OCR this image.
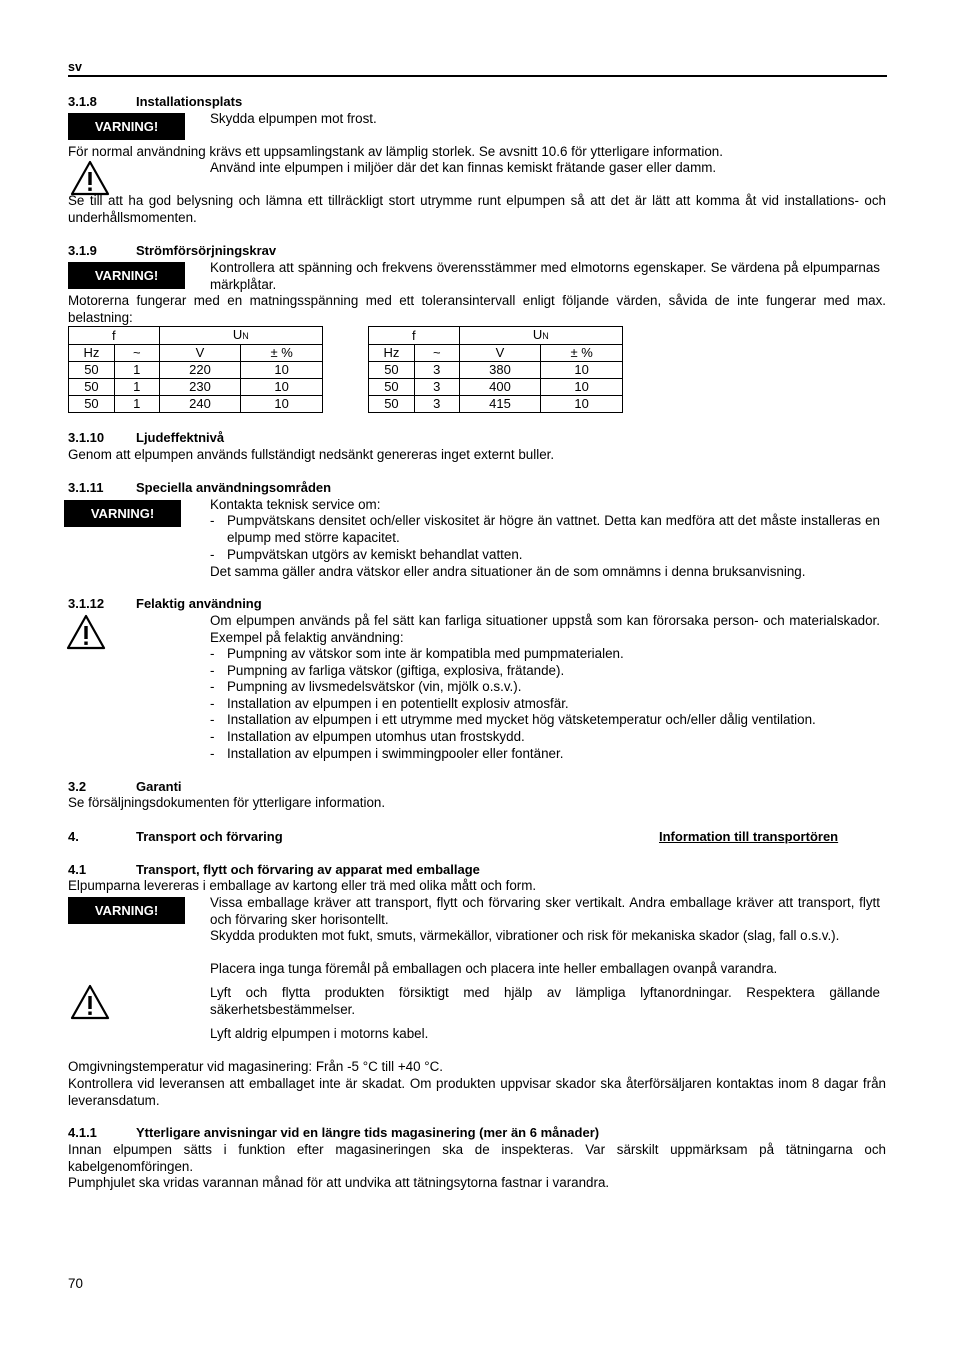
sv
3.1.8	Installationsplats
VARNING!
Skydda elpumpen mot frost.
För normal användning krävs ett uppsamlingstank av lämplig storlek. Se avsnitt 10.6 för ytterligare information.
Använd inte elpumpen i miljöer där det kan finnas kemiskt frätande gaser eller damm.
Se till att ha god belysning och lämna ett tillräckligt stort utrymme runt elpumpen så att det är lätt att komma åt vid installations- och underhållsmomenten.
3.1.9	Strömförsörjningskrav
VARNING!
Kontrollera att spänning och frekvens överensstämmer med elmotorns egenskaper. Se värdena på elpumparnas märkplåtar.
Motorerna fungerar med en matningsspänning med ett toleransintervall enligt följande värden, såvida de inte fungerar med max. belastning:
f		UN	
Hz	~	V	± %
50	1	220	10
50	1	230	10
50	1	240	10
f		UN	
Hz	~	V	± %
50	3	380	10
50	3	400	10
50	3	415	10
3.1.10 Ljudeffektnivå
Genom att elpumpen används fullständigt nedsänkt genereras inget externt buller.
3.1.11	Speciella användningsområden
VARNING!
Kontakta teknisk service om:
- Pumpvätskans densitet och/eller viskositet är högre än vattnet. Detta kan medföra att det måste installeras en elpump med större kapacitet.
- Pumpvätskan utgörs av kemiskt behandlat vatten.
Det samma gäller andra vätskor eller andra situationer än de som omnämns i denna bruksanvisning.
3.1.12 Felaktig användning
Om elpumpen används på fel sätt kan farliga situationer uppstå som kan förorsaka person- och materialskador. Exempel på felaktig användning:
- Pumpning av vätskor som inte är kompatibla med pumpmaterialen.
- Pumpning av farliga vätskor (giftiga, explosiva, frätande).
- Pumpning av livsmedelsvätskor (vin, mjölk o.s.v.).
- Installation av elpumpen i en potentiellt explosiv atmosfär.
- Installation av elpumpen i ett utrymme med mycket hög vätsketemperatur och/eller dålig ventilation.
- Installation av elpumpen utomhus utan frostskydd.
- Installation av elpumpen i swimmingpooler eller fontäner.
3.2	Garanti
Se försäljningsdokumenten för ytterligare information.
4.	Transport och förvaring	Information till transportören
4.1	Transport, flytt och förvaring av apparat med emballage
Elpumparna levereras i emballage av kartong eller trä med olika mått och form.
VARNING!
Vissa emballage kräver att transport, flytt och förvaring sker vertikalt. Andra emballage kräver att transport, flytt och förvaring sker horisontellt.
Skydda produkten mot fukt, smuts, värmekällor, vibrationer och risk för mekaniska skador (slag, fall o.s.v.).
Placera inga tunga föremål på emballagen och placera inte heller emballagen ovanpå varandra.
Lyft och flytta produkten försiktigt med hjälp av lämpliga lyftanordningar. Respektera gällande säkerhetsbestämmelser.
Lyft aldrig elpumpen i motorns kabel.
Omgivningstemperatur vid magasinering: Från -5 °C till +40 °C.
Kontrollera vid leveransen att emballaget inte är skadat. Om produkten uppvisar skador ska återförsäljaren kontaktas inom 8 dagar från leveransdatum.
4.1.1	Ytterligare anvisningar vid en längre tids magasinering (mer än 6 månader)
Innan elpumpen sätts i funktion efter magasineringen ska de inspekteras. Var särskilt uppmärksam på tätningarna och kabelgenomföringen.
Pumphjulet ska vridas varannan månad för att undvika att tätningsytorna fastnar i varandra.
70
